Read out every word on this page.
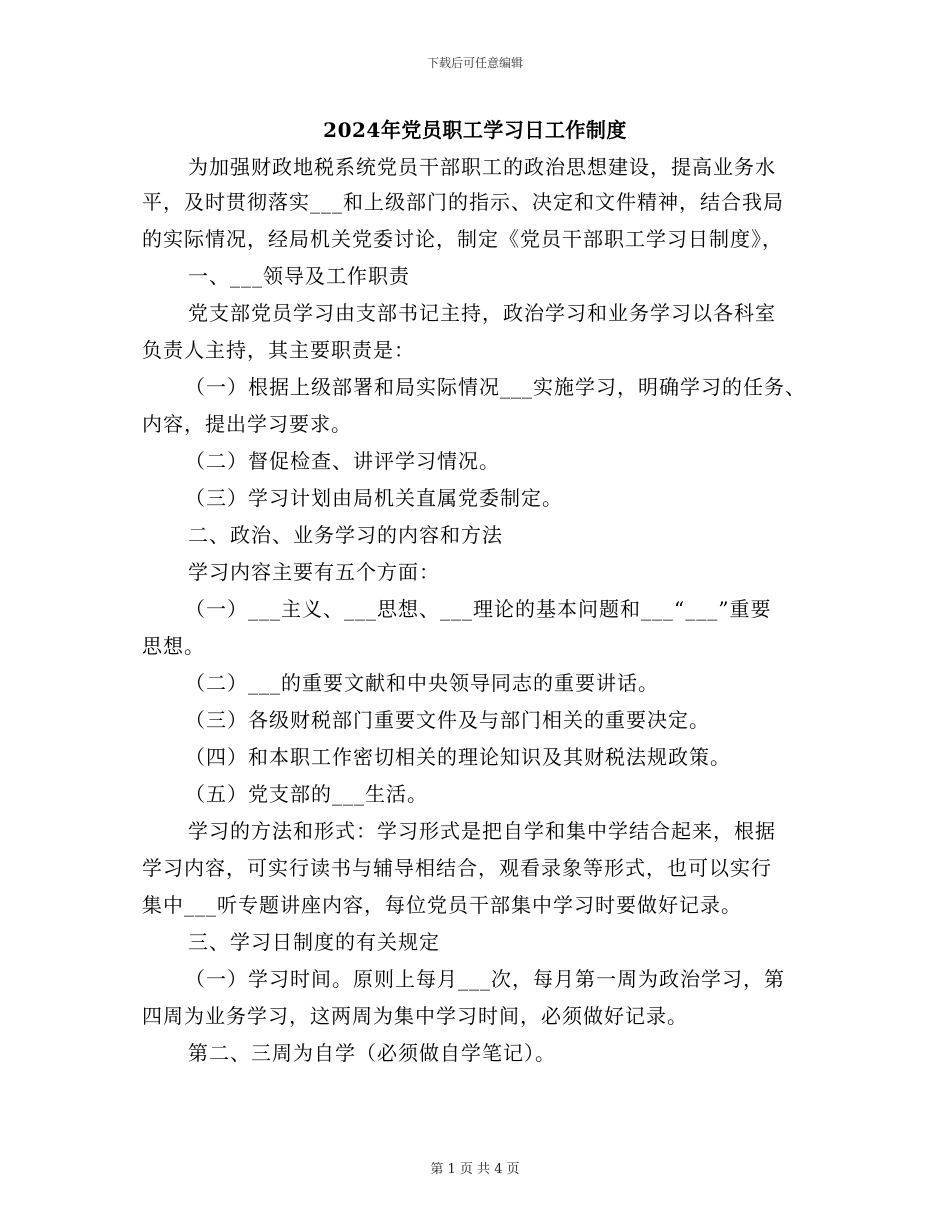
下载后可任意编辑
2024年党员职工学习日工作制度
为加强财政地税系统党员干部职工的政治思想建设，提高业务水
平，及时贯彻落实___和上级部门的指示、决定和文件精神，结合我局
的实际情况，经局机关党委讨论，制定《党员干部职工学习日制度》，
一、___领导及工作职责
党支部党员学习由支部书记主持，政治学习和业务学习以各科室
负责人主持，其主要职责是：
（一）根据上级部署和局实际情况___实施学习，明确学习的任务、
内容，提出学习要求。
（二）督促检查、讲评学习情况。
（三）学习计划由局机关直属党委制定。
二、政治、业务学习的内容和方法
学习内容主要有五个方面：
（一）___主义、___思想、___理论的基本问题和___“___”重要
思想。
（二）___的重要文献和中央领导同志的重要讲话。
（三）各级财税部门重要文件及与部门相关的重要决定。
（四）和本职工作密切相关的理论知识及其财税法规政策。
（五）党支部的___生活。
学习的方法和形式：学习形式是把自学和集中学结合起来，根据
学习内容，可实行读书与辅导相结合，观看录象等形式，也可以实行
集中___听专题讲座内容，每位党员干部集中学习时要做好记录。
三、学习日制度的有关规定
（一）学习时间。原则上每月___次，每月第一周为政治学习，第
四周为业务学习，这两周为集中学习时间，必须做好记录。
第二、三周为自学（必须做自学笔记）。
第 1 页 共 4 页
